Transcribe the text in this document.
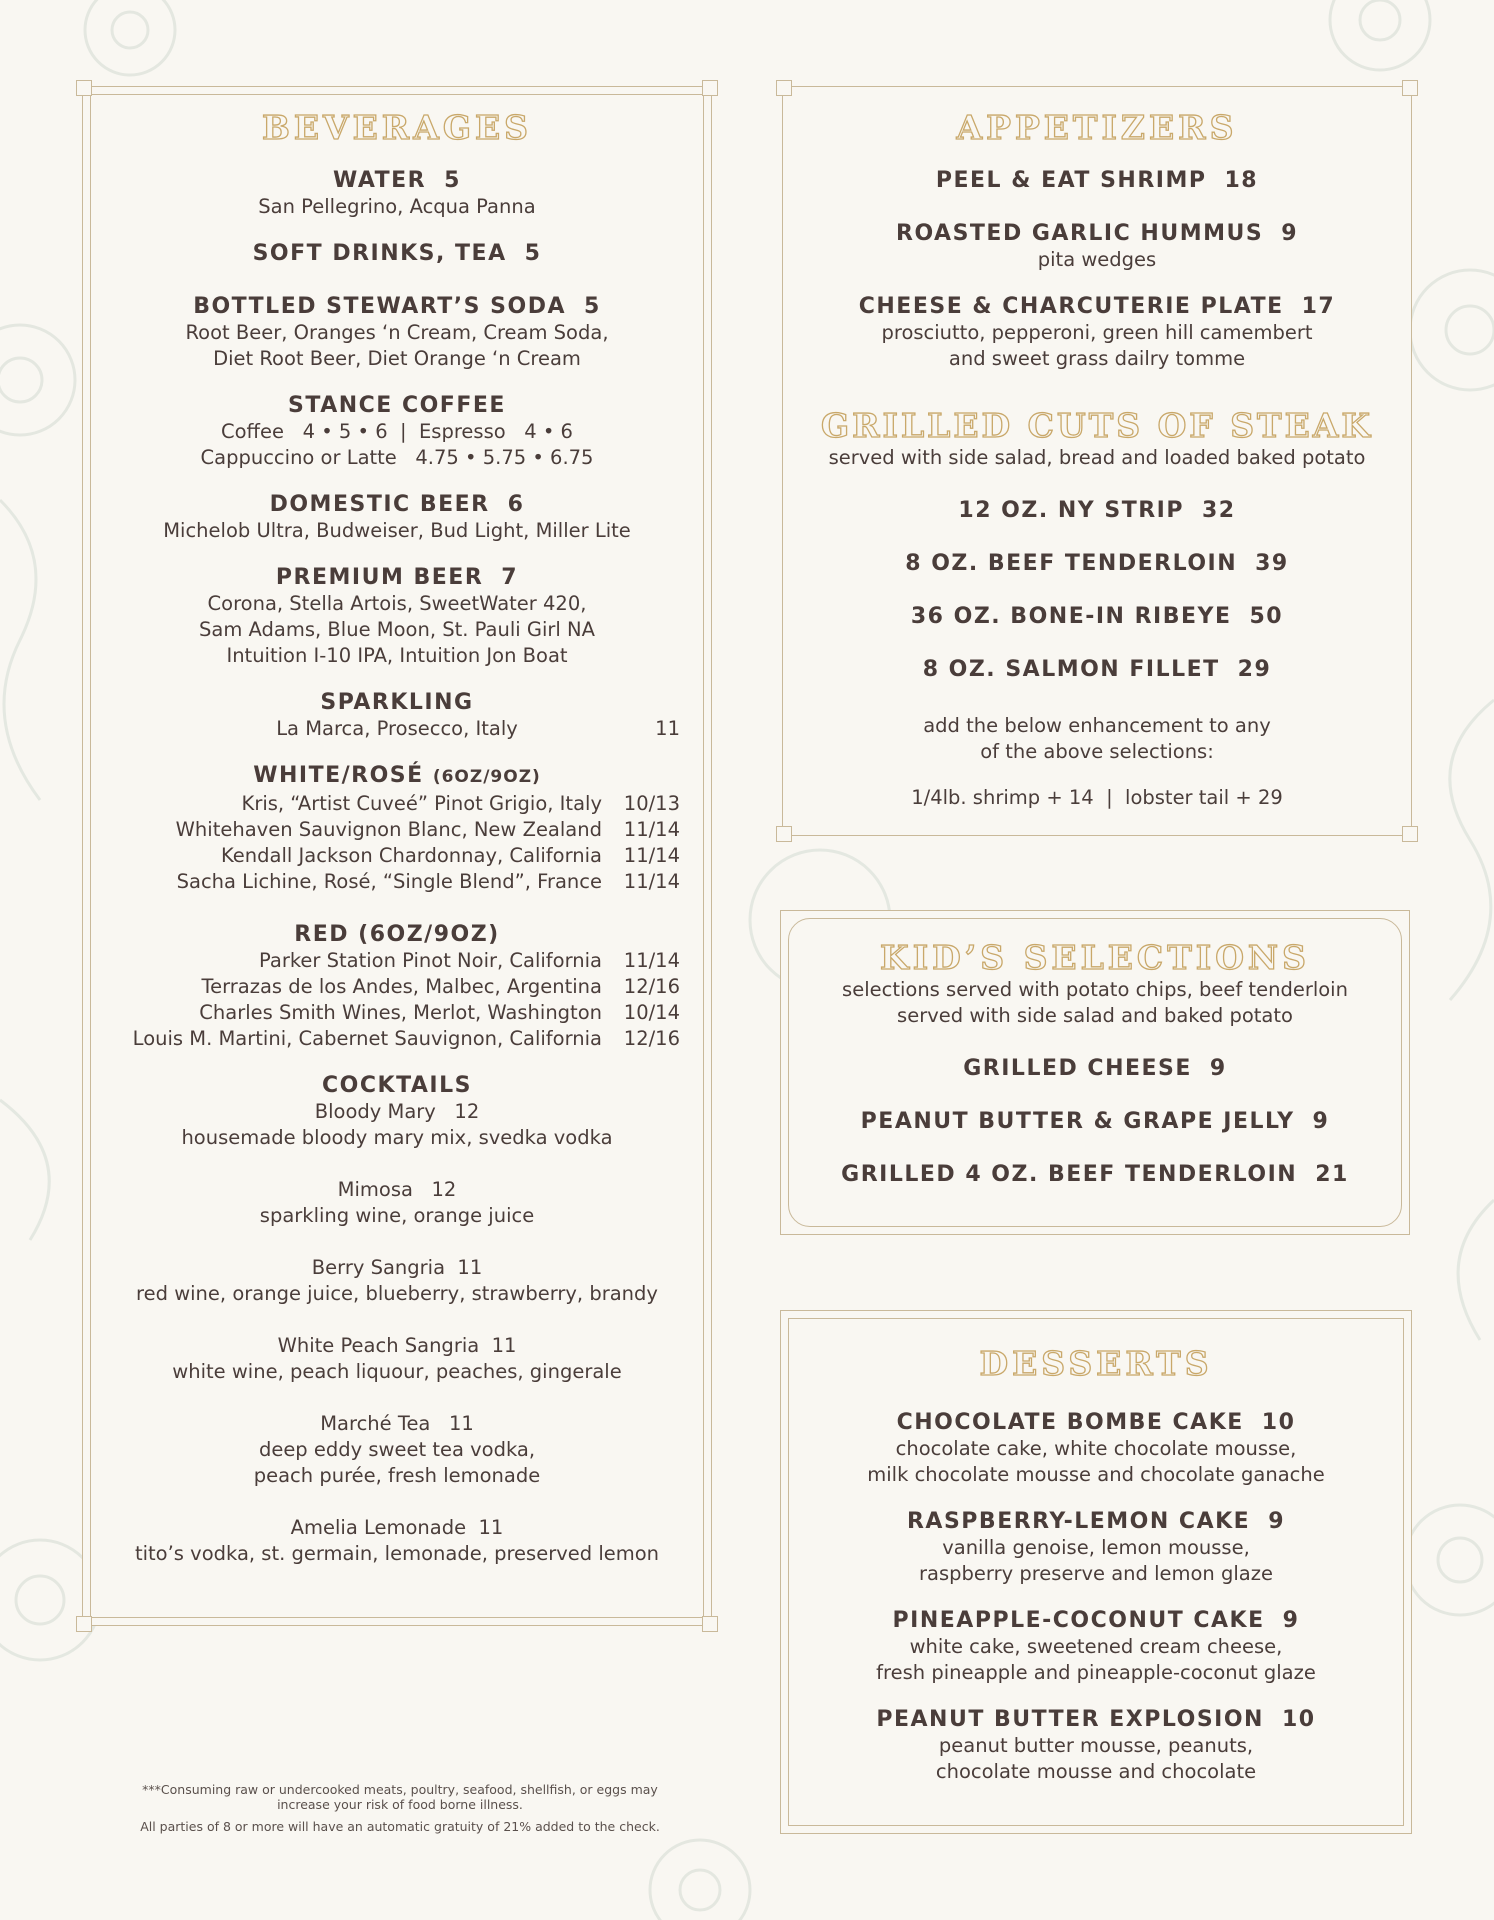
BEVERAGES

WATER 5

San Pellegrino, Acqua Panna

SOFT DRINKS, TEA 5

BOTTLED STEWART’S SODA 5

Root Beer, Oranges ‘n Cream, Cream Soda,

Diet Root Beer, Diet Orange ‘n Cream

STANCE COFFEE

Coffee   4 • 5 • 6  |  Espresso   4 • 6

Cappuccino or Latte   4.75 • 5.75 • 6.75

DOMESTIC BEER 6

Michelob Ultra, Budweiser, Bud Light, Miller Lite

PREMIUM BEER 7

Corona, Stella Artois, SweetWater 420,

Sam Adams, Blue Moon, St. Pauli Girl NA

Intuition I-10 IPA, Intuition Jon Boat

SPARKLING

La Marca, Prosecco, Italy	11

WHITE/ROSÉ (6OZ/9OZ)

Kris, “Artist Cuveé” Pinot Grigio, Italy 10/13
Whitehaven Sauvignon Blanc, New Zealand 11/14
Kendall Jackson Chardonnay, California 11/14
Sacha Lichine, Rosé, “Single Blend”, France 11/14

RED (6OZ/9OZ)

Parker Station Pinot Noir, California 11/14
Terrazas de los Andes, Malbec, Argentina 12/16
Charles Smith Wines, Merlot, Washington 10/14
Louis M. Martini, Cabernet Sauvignon, California 12/16

COCKTAILS

Bloody Mary   12

housemade bloody mary mix, svedka vodka

Mimosa   12

sparkling wine, orange juice

Berry Sangria  11

red wine, orange juice, blueberry, strawberry, brandy

White Peach Sangria  11

white wine, peach liquour, peaches, gingerale

Marché Tea   11

deep eddy sweet tea vodka,

peach purée, fresh lemonade

Amelia Lemonade  11

tito’s vodka, st. germain, lemonade, preserved lemon

APPETIZERS

PEEL & EAT SHRIMP 18

ROASTED GARLIC HUMMUS 9

pita wedges

CHEESE & CHARCUTERIE PLATE 17

prosciutto, pepperoni, green hill camembert

and sweet grass dailry tomme

GRILLED CUTS OF STEAK

served with side salad, bread and loaded baked potato

12 OZ. NY STRIP 32

8 OZ. BEEF TENDERLOIN 39

36 OZ. BONE-IN RIBEYE 50

8 OZ. SALMON FILLET 29

add the below enhancement to any

of the above selections:

1/4lb. shrimp + 14  |  lobster tail + 29

KID’S SELECTIONS

selections served with potato chips, beef tenderloin

served with side salad and baked potato

GRILLED CHEESE 9

PEANUT BUTTER & GRAPE JELLY 9

GRILLED 4 OZ. BEEF TENDERLOIN 21

DESSERTS

CHOCOLATE BOMBE CAKE 10

chocolate cake, white chocolate mousse,

milk chocolate mousse and chocolate ganache

RASPBERRY-LEMON CAKE 9

vanilla genoise, lemon mousse,

raspberry preserve and lemon glaze

PINEAPPLE-COCONUT CAKE 9

white cake, sweetened cream cheese,

fresh pineapple and pineapple-coconut glaze

PEANUT BUTTER EXPLOSION 10

peanut butter mousse, peanuts,

chocolate mousse and chocolate

***Consuming raw or undercooked meats, poultry, seafood, shellfish, or eggs may
increase your risk of food borne illness.
All parties of 8 or more will have an automatic gratuity of 21% added to the check.
